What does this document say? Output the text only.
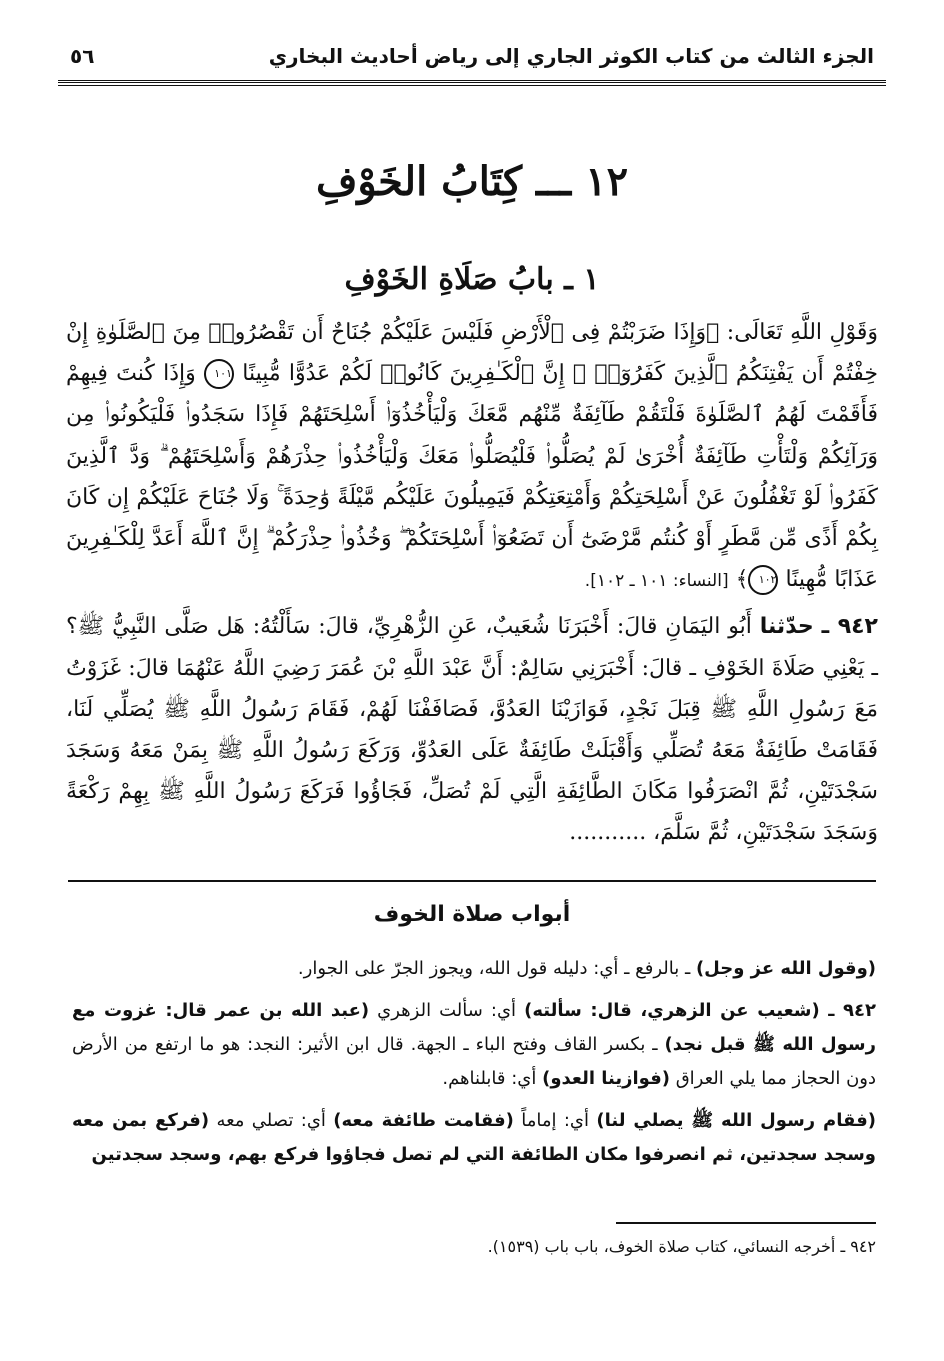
الجزء الثالث من كتاب الكوثر الجاري إلى رياض أحاديث البخاري
٥٦
١٢ ـــ كِتَابُ الخَوْفِ
١ ـ بابُ صَلَاةِ الخَوْفِ

وَقَوْلِ اللَّهِ تَعَالَى: ﴿وَإِذَا ضَرَبْتُمْ فِى ٱلْأَرْضِ فَلَيْسَ عَلَيْكُمْ جُنَاحٌ أَن تَقْصُرُوا۟ مِنَ ٱلصَّلَوٰةِ إِنْ خِفْتُمْ أَن يَفْتِنَكُمُ ٱلَّذِينَ كَفَرُوٓا۟ ۚ إِنَّ ٱلْكَـٰفِرِينَ كَانُوا۟ لَكُمْ عَدُوًّا مُّبِينًا ١٠١ وَإِذَا كُنتَ فِيهِمْ فَأَقَمْتَ لَهُمُ ٱلصَّلَوٰةَ فَلْتَقُمْ طَآئِفَةٌ مِّنْهُم مَّعَكَ وَلْيَأْخُذُوٓا۟ أَسْلِحَتَهُمْ فَإِذَا سَجَدُوا۟ فَلْيَكُونُوا۟ مِن وَرَآئِكُمْ وَلْتَأْتِ طَآئِفَةٌ أُخْرَىٰ لَمْ يُصَلُّوا۟ فَلْيُصَلُّوا۟ مَعَكَ وَلْيَأْخُذُوا۟ حِذْرَهُمْ وَأَسْلِحَتَهُمْ ۗ وَدَّ ٱلَّذِينَ كَفَرُوا۟ لَوْ تَغْفُلُونَ عَنْ أَسْلِحَتِكُمْ وَأَمْتِعَتِكُمْ فَيَمِيلُونَ عَلَيْكُم مَّيْلَةً وَٰحِدَةً ۚ وَلَا جُنَاحَ عَلَيْكُمْ إِن كَانَ بِكُمْ أَذًى مِّن مَّطَرٍ أَوْ كُنتُم مَّرْضَىٰٓ أَن تَضَعُوٓا۟ أَسْلِحَتَكُمْ ۖ وَخُذُوا۟ حِذْرَكُمْ ۗ إِنَّ ٱللَّهَ أَعَدَّ لِلْكَـٰفِرِينَ عَذَابًا مُّهِينًا ١٠٢﴾ [النساء: ١٠١ ـ ١٠٢].

٩٤٢ ـ حدّثنا أَبُو اليَمَانِ قالَ: أَخْبَرَنَا شُعَيبٌ، عَنِ الزُّهْرِيِّ، قالَ: سَأَلْتُهُ: هَل صَلَّى النَّبِيُّ ﷺ؟ ـ يَعْنِي صَلَاةَ الخَوْفِ ـ قالَ: أَخْبَرَنِي سَالِمٌ: أَنَّ عَبْدَ اللَّهِ بْنَ عُمَرَ رَضِيَ اللَّهُ عَنْهُمَا قالَ: غَزَوْتُ مَعَ رَسُولِ اللَّهِ ﷺ قِبَلَ نَجْدٍ، فَوَازَيْنَا العَدُوَّ، فَصَافَفْنَا لَهُمْ، فَقَامَ رَسُولُ اللَّهِ ﷺ يُصَلِّي لَنَا، فَقَامَتْ طَائِفَةٌ مَعَهُ تُصَلِّي وَأَقْبَلَتْ طَائِفَةٌ عَلَى العَدُوِّ، وَرَكَعَ رَسُولُ اللَّهِ ﷺ بِمَنْ مَعَهُ وَسَجَدَ سَجْدَتَيْنِ، ثُمَّ انْصَرَفُوا مَكَانَ الطَّائِفَةِ الَّتِي لَمْ تُصَلِّ، فَجَاؤُوا فَرَكَعَ رَسُولُ اللَّهِ ﷺ بِهِمْ رَكْعَةً وَسَجَدَ سَجْدَتَيْنِ، ثُمَّ سَلَّمَ، ...........

أبواب صلاة الخوف

(وقول الله عز وجل) ـ بالرفع ـ أي: دليله قول الله، ويجوز الجرّ على الجوار.

٩٤٢ ـ (شعيب عن الزهري، قال: سألته) أي: سألت الزهري (عبد الله بن عمر قال: غزوت مع رسول الله ﷺ قبل نجد) ـ بكسر القاف وفتح الباء ـ الجهة. قال ابن الأثير: النجد: هو ما ارتفع من الأرض دون الحجاز مما يلي العراق (فوازينا العدو) أي: قابلناهم.

(فقام رسول الله ﷺ يصلي لنا) أي: إماماً (فقامت طائفة معه) أي: تصلي معه (فركع بمن معه وسجد سجدتين، ثم انصرفوا مكان الطائفة التي لم تصل فجاؤوا فركع بهم، وسجد سجدتين

٩٤٢ ـ أخرجه النسائي، كتاب صلاة الخوف، باب باب (١٥٣٩).
